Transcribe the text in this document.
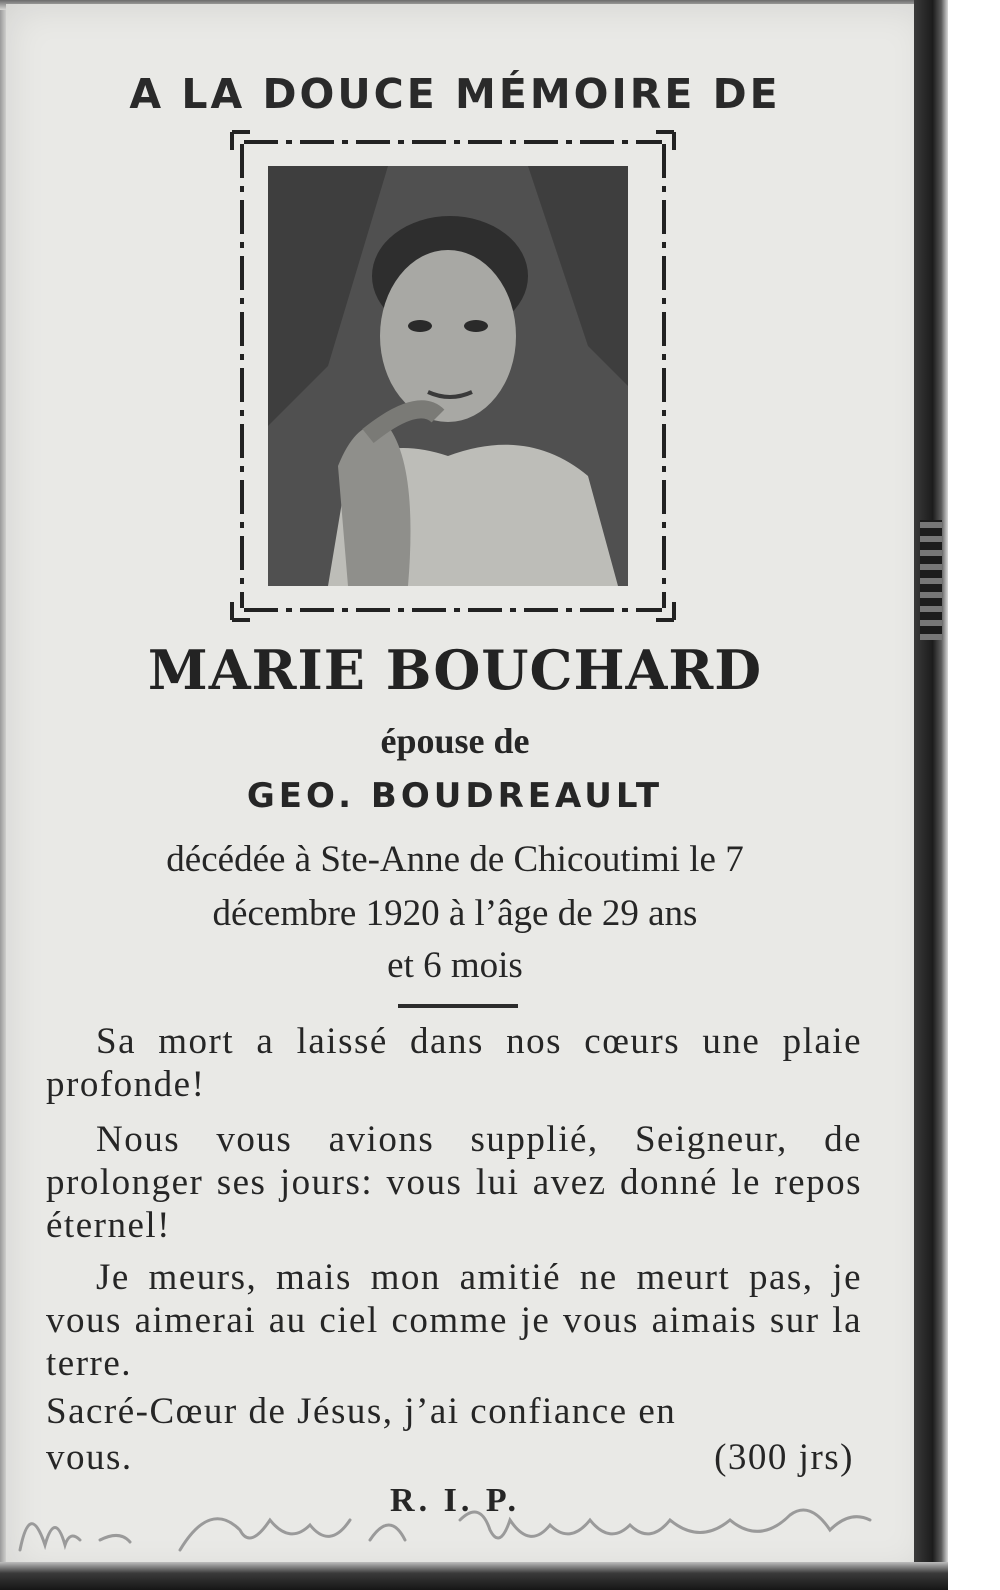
A LA DOUCE MÉMOIRE DE
MARIE BOUCHARD
épouse de
GEO. BOUDREAULT
décédée à Ste-Anne de Chicoutimi le 7
décembre 1920 à l’âge de 29 ans
et 6 mois

Sa mort a laissé dans nos cœurs une plaie profonde!

Nous vous avions supplié, Seigneur, de prolonger ses jours: vous lui avez donné le repos éternel!

Je meurs, mais mon amitié ne meurt pas, je vous aimerai au ciel comme je vous aimais sur la terre.

Sacré-Cœur de Jésus, j’ai confiance en

vous.	(300 jrs)
R. I. P.
